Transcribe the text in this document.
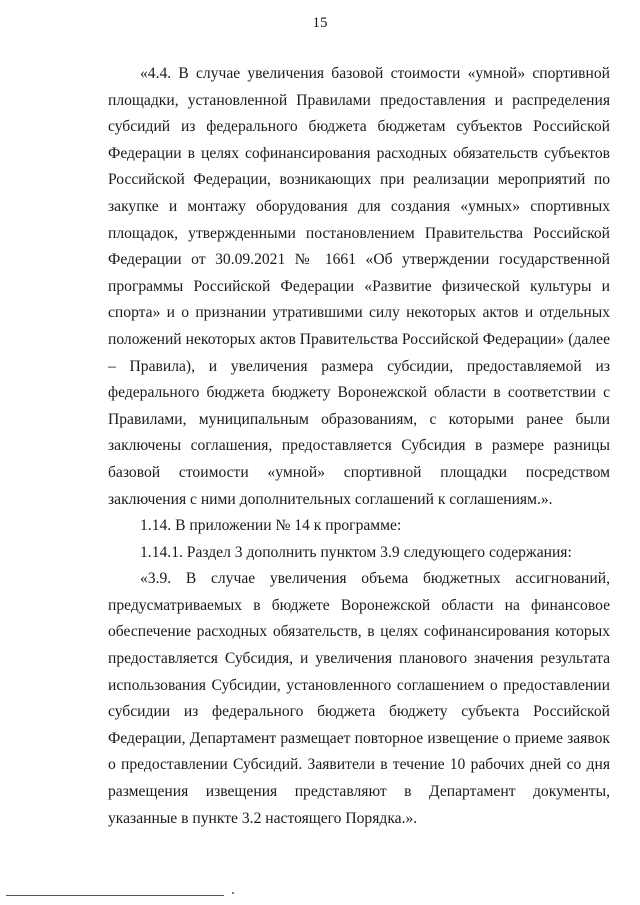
15

«4.4. В случае увеличения базовой стоимости «умной» спортивной площадки, установленной Правилами предоставления и распределения субсидий из федерального бюджета бюджетам субъектов Российской Федерации в целях софинансирования расходных обязательств субъектов Российской Федерации, возникающих при реализации мероприятий по закупке и монтажу оборудования для создания «умных» спортивных площадок, утвержденными постановлением Правительства Российской Федерации от 30.09.2021 № 1661 «Об утверждении государственной программы Российской Федерации «Развитие физической культуры и спорта» и о признании утратившими силу некоторых актов и отдельных положений некоторых актов Правительства Российской Федерации» (далее – Правила), и увеличения размера субсидии, предоставляемой из федерального бюджета бюджету Воронежской области в соответствии с Правилами, муниципальным образованиям, с которыми ранее были заключены соглашения, предоставляется Субсидия в размере разницы базовой стоимости «умной» спортивной площадки посредством заключения с ними дополнительных соглашений к соглашениям.».

1.14. В приложении № 14 к программе:

1.14.1. Раздел 3 дополнить пунктом 3.9 следующего содержания:

«3.9. В случае увеличения объема бюджетных ассигнований, предусматриваемых в бюджете Воронежской области на финансовое обеспечение расходных обязательств, в целях софинансирования которых предоставляется Субсидия, и увеличения планового значения результата использования Субсидии, установленного соглашением о предоставлении субсидии из федерального бюджета бюджету субъекта Российской Федерации, Департамент размещает повторное извещение о приеме заявок о предоставлении Субсидий. Заявители в течение 10 рабочих дней со дня размещения извещения представляют в Департамент документы, указанные в пункте 3.2 настоящего Порядка.».
